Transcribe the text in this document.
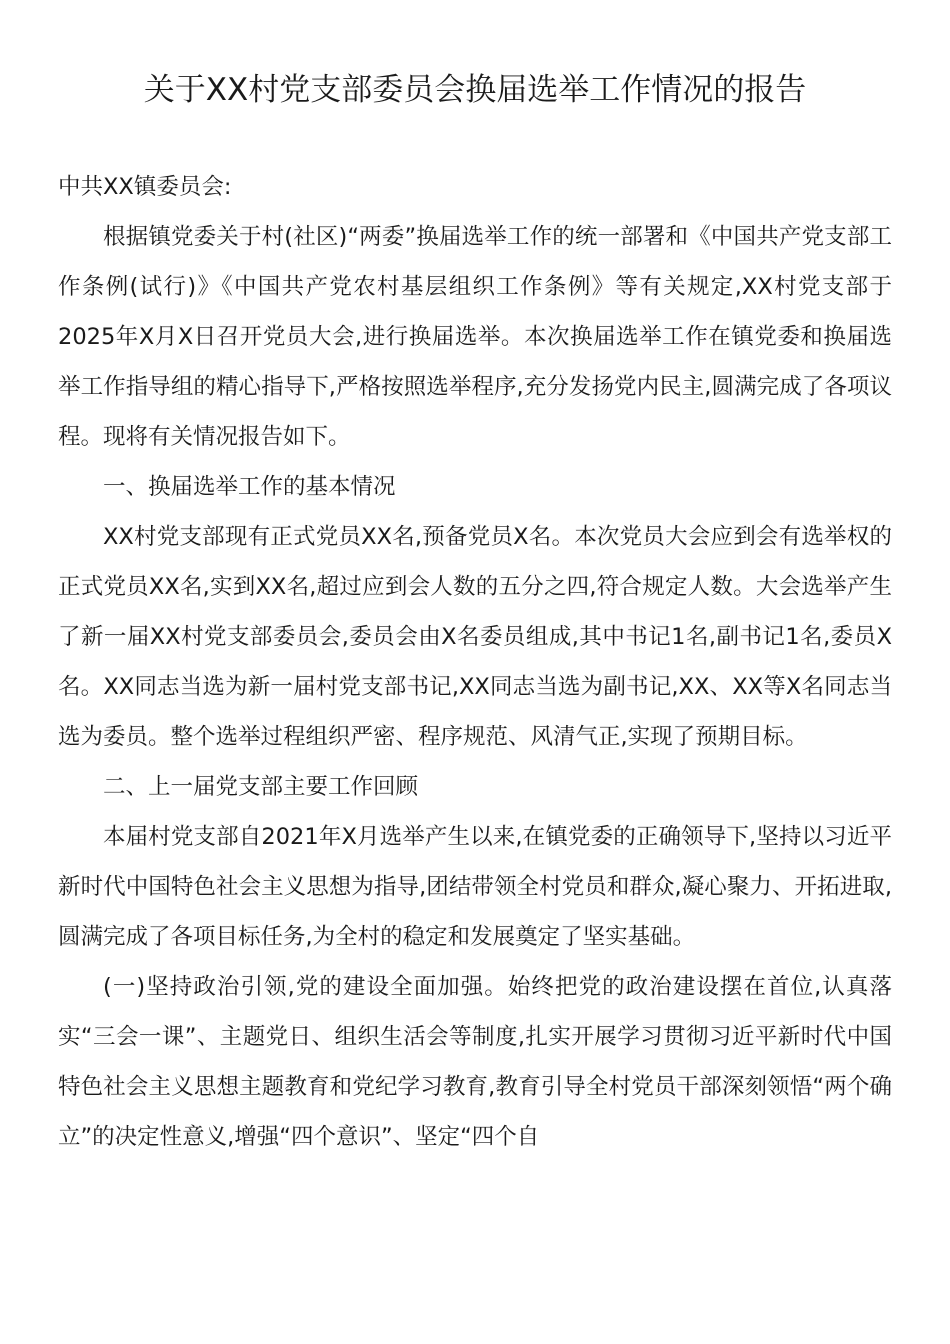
关于XX村党支部委员会换届选举工作情况的报告

中共XX镇委员会:

根据镇党委关于村(社区)“两委”换届选举工作的统一部署和《中国共产党支部工作条例(试行)》《中国共产党农村基层组织工作条例》等有关规定,XX村党支部于2025年X月X日召开党员大会,进行换届选举。本次换届选举工作在镇党委和换届选举工作指导组的精心指导下,严格按照选举程序,充分发扬党内民主,圆满完成了各项议程。现将有关情况报告如下。

一、换届选举工作的基本情况

XX村党支部现有正式党员XX名,预备党员X名。本次党员大会应到会有选举权的正式党员XX名,实到XX名,超过应到会人数的五分之四,符合规定人数。大会选举产生了新一届XX村党支部委员会,委员会由X名委员组成,其中书记1名,副书记1名,委员X名。XX同志当选为新一届村党支部书记,XX同志当选为副书记,XX、XX等X名同志当选为委员。整个选举过程组织严密、程序规范、风清气正,实现了预期目标。

二、上一届党支部主要工作回顾

本届村党支部自2021年X月选举产生以来,在镇党委的正确领导下,坚持以习近平新时代中国特色社会主义思想为指导,团结带领全村党员和群众,凝心聚力、开拓进取,圆满完成了各项目标任务,为全村的稳定和发展奠定了坚实基础。

(一)坚持政治引领,党的建设全面加强。始终把党的政治建设摆在首位,认真落实“三会一课”、主题党日、组织生活会等制度,扎实开展学习贯彻习近平新时代中国特色社会主义思想主题教育和党纪学习教育,教育引导全村党员干部深刻领悟“两个确立”的决定性意义,增强“四个意识”、坚定“四个自
